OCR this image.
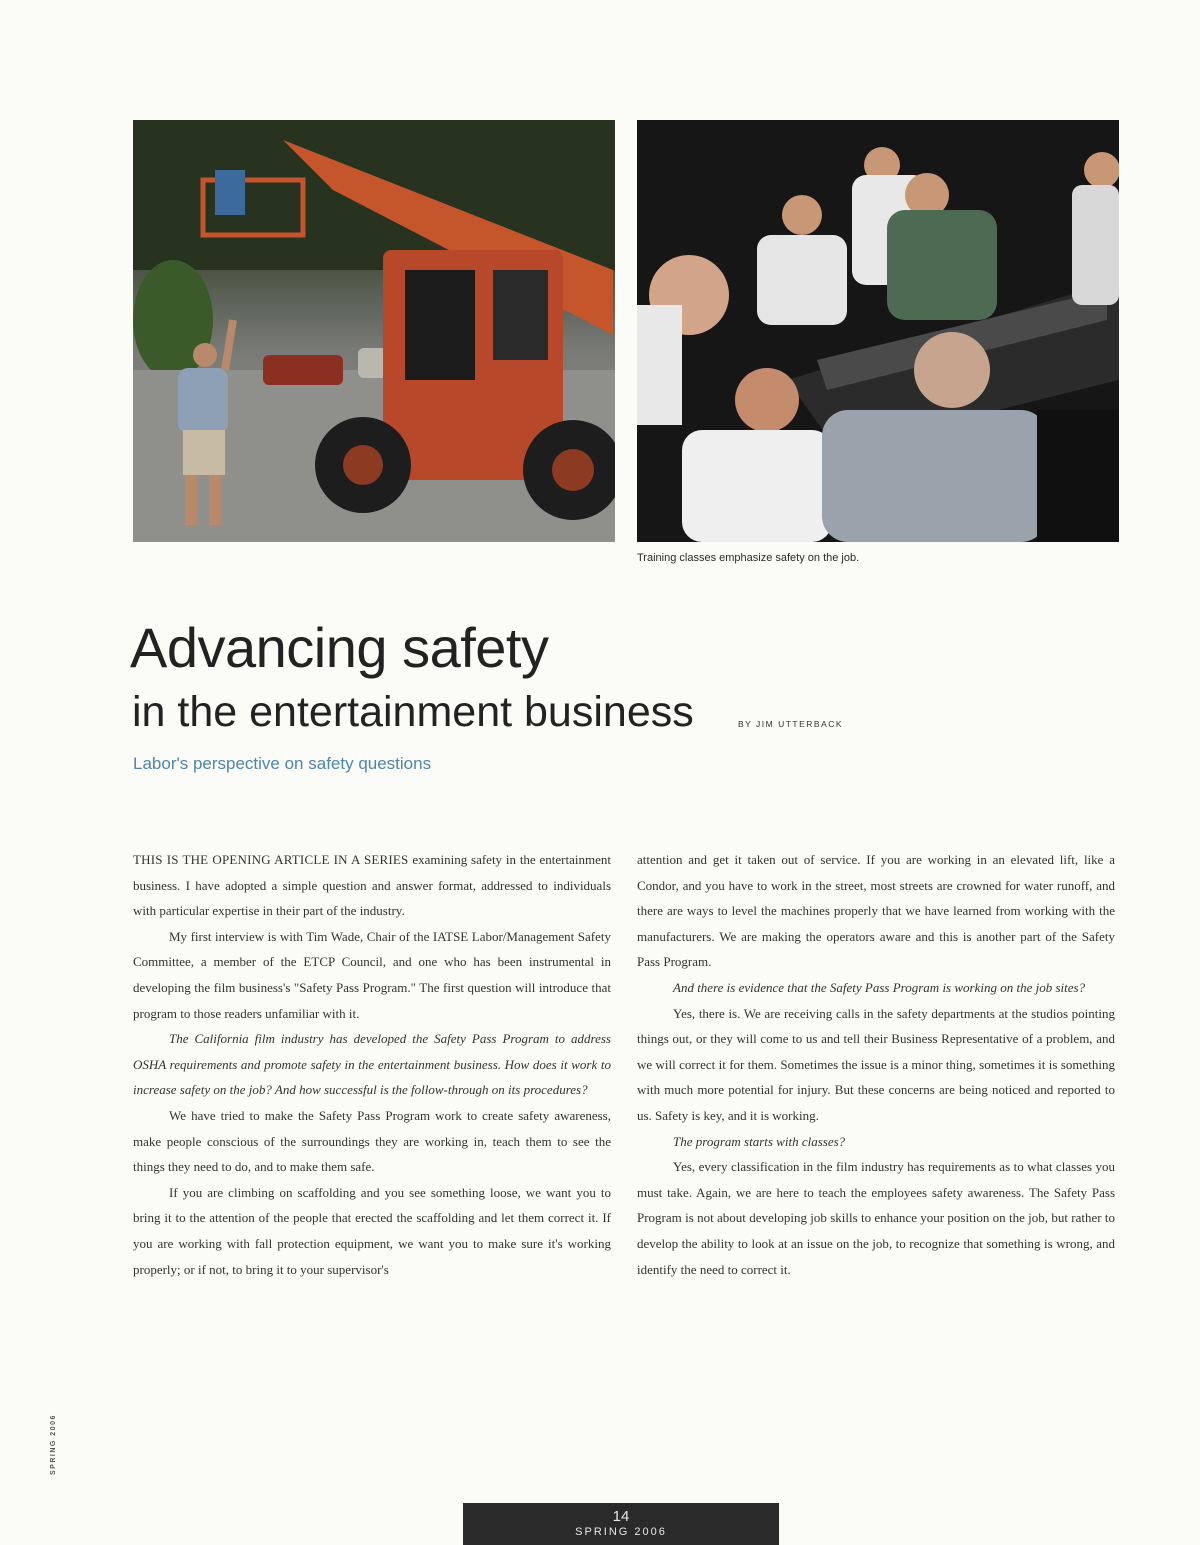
Training classes emphasize safety on the job.
Advancing safety
in the entertainment business	BY JIM UTTERBACK
Labor's perspective on safety questions

THIS IS THE OPENING ARTICLE IN A SERIES examining safety in the entertainment business. I have adopted a simple question and answer format, addressed to individuals with particular expertise in their part of the industry.

My first interview is with Tim Wade, Chair of the IATSE Labor/Management Safety Committee, a member of the ETCP Council, and one who has been instrumental in developing the film business's "Safety Pass Program." The first question will introduce that program to those readers unfamiliar with it.

The California film industry has developed the Safety Pass Program to address OSHA requirements and promote safety in the entertainment business. How does it work to increase safety on the job? And how successful is the follow-through on its procedures?

We have tried to make the Safety Pass Program work to create safety awareness, make people conscious of the surroundings they are working in, teach them to see the things they need to do, and to make them safe.

If you are climbing on scaffolding and you see something loose, we want you to bring it to the attention of the people that erected the scaffolding and let them correct it. If you are working with fall protection equipment, we want you to make sure it's working properly; or if not, to bring it to your supervisor's

attention and get it taken out of service. If you are working in an elevated lift, like a Condor, and you have to work in the street, most streets are crowned for water runoff, and there are ways to level the machines properly that we have learned from working with the manufacturers. We are making the operators aware and this is another part of the Safety Pass Program.

And there is evidence that the Safety Pass Program is working on the job sites?

Yes, there is. We are receiving calls in the safety departments at the studios pointing things out, or they will come to us and tell their Business Representative of a problem, and we will correct it for them. Sometimes the issue is a minor thing, sometimes it is something with much more potential for injury. But these concerns are being noticed and reported to us. Safety is key, and it is working.

The program starts with classes?

Yes, every classification in the film industry has requirements as to what classes you must take. Again, we are here to teach the employees safety awareness. The Safety Pass Program is not about developing job skills to enhance your position on the job, but rather to develop the ability to look at an issue on the job, to recognize that something is wrong, and identify the need to correct it.

SPRING 2006
14
SPRING 2006
